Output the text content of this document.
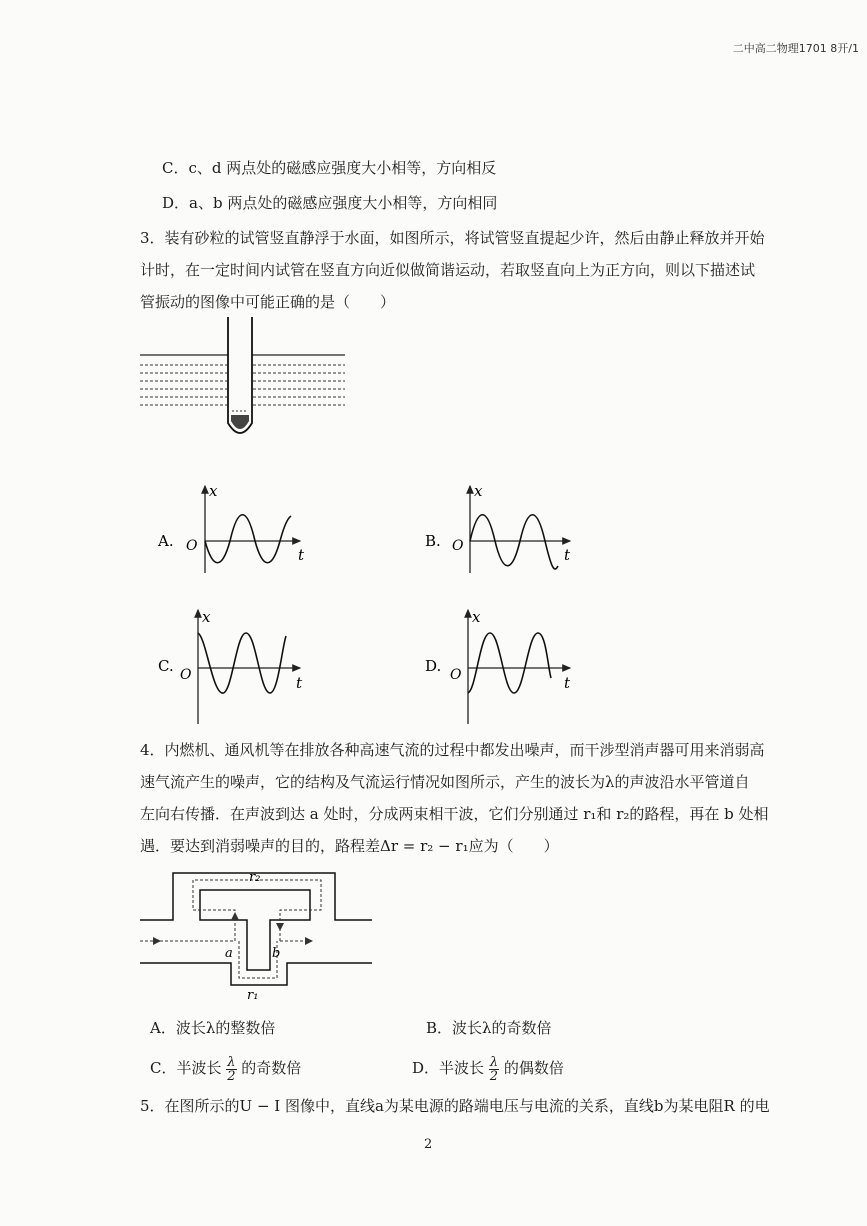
二中高二物理1701 8开/1
C．c、d 两点处的磁感应强度大小相等，方向相反
D．a、b 两点处的磁感应强度大小相等，方向相同
3．装有砂粒的试管竖直静浮于水面，如图所示，将试管竖直提起少许，然后由静止释放并开始
计时，在一定时间内试管在竖直方向近似做简谐运动，若取竖直向上为正方向，则以下描述试
管振动的图像中可能正确的是（　　）
A. O
x
t
B. O
x
t
C. O
x
t
D. O
x
t
4．内燃机、通风机等在排放各种高速气流的过程中都发出噪声，而干涉型消声器可用来消弱高
速气流产生的噪声，它的结构及气流运行情况如图所示，产生的波长为λ的声波沿水平管道自
左向右传播．在声波到达 a 处时，分成两束相干波，它们分别通过 r₁和 r₂的路程，再在 b 处相
遇．要达到消弱噪声的目的，路程差Δr = r₂ − r₁应为（　　）
r₂
r₁
a	b
A．波长λ的整数倍	B．波长λ的奇数倍
C．半波长 $\frac{\lambda}{2}$ 的奇数倍	D．半波长 $\frac{\lambda}{2}$ 的偶数倍
5．在图所示的U − I 图像中，直线a为某电源的路端电压与电流的关系，直线b为某电阻R 的电
2
